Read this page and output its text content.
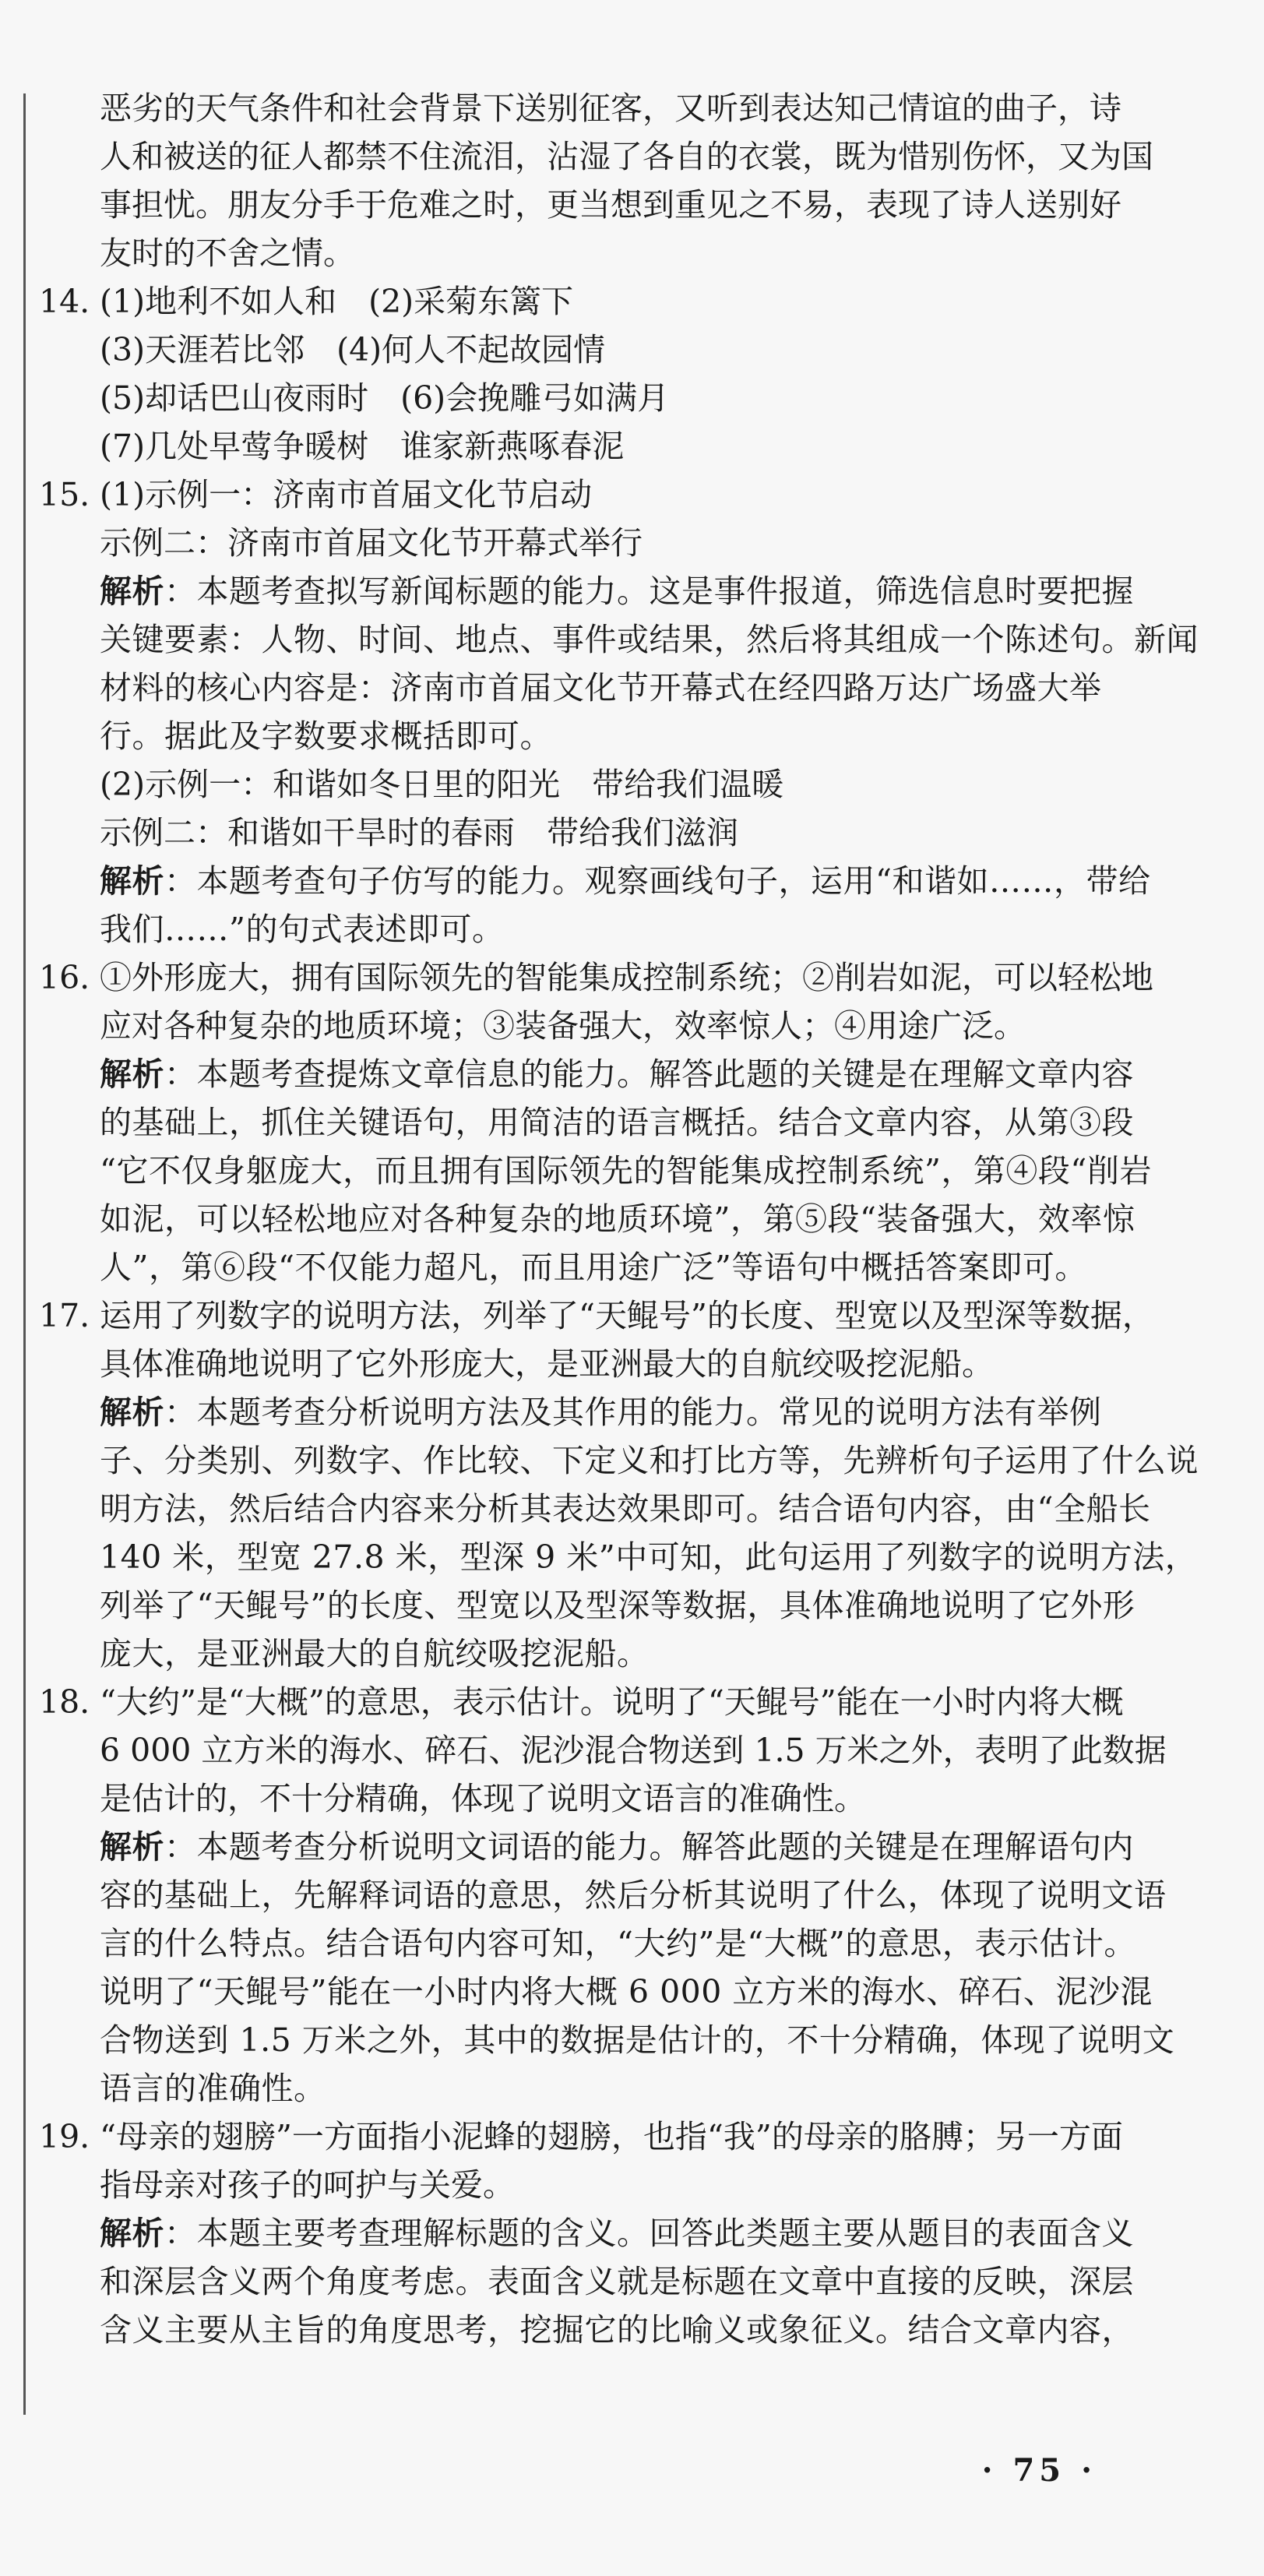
恶劣的天气条件和社会背景下送别征客，又听到表达知己情谊的曲子，诗
人和被送的征人都禁不住流泪，沾湿了各自的衣裳，既为惜别伤怀，又为国
事担忧。朋友分手于危难之时，更当想到重见之不易，表现了诗人送别好
友时的不舍之情。
14. (1)地利不如人和　(2)采菊东篱下
(3)天涯若比邻　(4)何人不起故园情
(5)却话巴山夜雨时　(6)会挽雕弓如满月
(7)几处早莺争暖树　谁家新燕啄春泥
15. (1)示例一：济南市首届文化节启动
示例二：济南市首届文化节开幕式举行
解析：本题考查拟写新闻标题的能力。这是事件报道，筛选信息时要把握
关键要素：人物、时间、地点、事件或结果，然后将其组成一个陈述句。新闻
材料的核心内容是：济南市首届文化节开幕式在经四路万达广场盛大举
行。据此及字数要求概括即可。
(2)示例一：和谐如冬日里的阳光　带给我们温暖
示例二：和谐如干旱时的春雨　带给我们滋润
解析：本题考查句子仿写的能力。观察画线句子，运用“和谐如……，带给
我们……”的句式表述即可。
16. ①外形庞大，拥有国际领先的智能集成控制系统；②削岩如泥，可以轻松地
应对各种复杂的地质环境；③装备强大，效率惊人；④用途广泛。
解析：本题考查提炼文章信息的能力。解答此题的关键是在理解文章内容
的基础上，抓住关键语句，用简洁的语言概括。结合文章内容，从第③段
“它不仅身躯庞大，而且拥有国际领先的智能集成控制系统”，第④段“削岩
如泥，可以轻松地应对各种复杂的地质环境”，第⑤段“装备强大，效率惊
人”，第⑥段“不仅能力超凡，而且用途广泛”等语句中概括答案即可。
17. 运用了列数字的说明方法，列举了“天鲲号”的长度、型宽以及型深等数据，
具体准确地说明了它外形庞大，是亚洲最大的自航绞吸挖泥船。
解析：本题考查分析说明方法及其作用的能力。常见的说明方法有举例
子、分类别、列数字、作比较、下定义和打比方等，先辨析句子运用了什么说
明方法，然后结合内容来分析其表达效果即可。结合语句内容，由“全船长
140 米，型宽 27.8 米，型深 9 米”中可知，此句运用了列数字的说明方法，
列举了“天鲲号”的长度、型宽以及型深等数据，具体准确地说明了它外形
庞大，是亚洲最大的自航绞吸挖泥船。
18. “大约”是“大概”的意思，表示估计。说明了“天鲲号”能在一小时内将大概
6 000 立方米的海水、碎石、泥沙混合物送到 1.5 万米之外，表明了此数据
是估计的，不十分精确，体现了说明文语言的准确性。
解析：本题考查分析说明文词语的能力。解答此题的关键是在理解语句内
容的基础上，先解释词语的意思，然后分析其说明了什么，体现了说明文语
言的什么特点。结合语句内容可知，“大约”是“大概”的意思，表示估计。
说明了“天鲲号”能在一小时内将大概 6 000 立方米的海水、碎石、泥沙混
合物送到 1.5 万米之外，其中的数据是估计的，不十分精确，体现了说明文
语言的准确性。
19. “母亲的翅膀”一方面指小泥蜂的翅膀，也指“我”的母亲的胳膊；另一方面
指母亲对孩子的呵护与关爱。
解析：本题主要考查理解标题的含义。回答此类题主要从题目的表面含义
和深层含义两个角度考虑。表面含义就是标题在文章中直接的反映，深层
含义主要从主旨的角度思考，挖掘它的比喻义或象征义。结合文章内容，
· 75 ·
